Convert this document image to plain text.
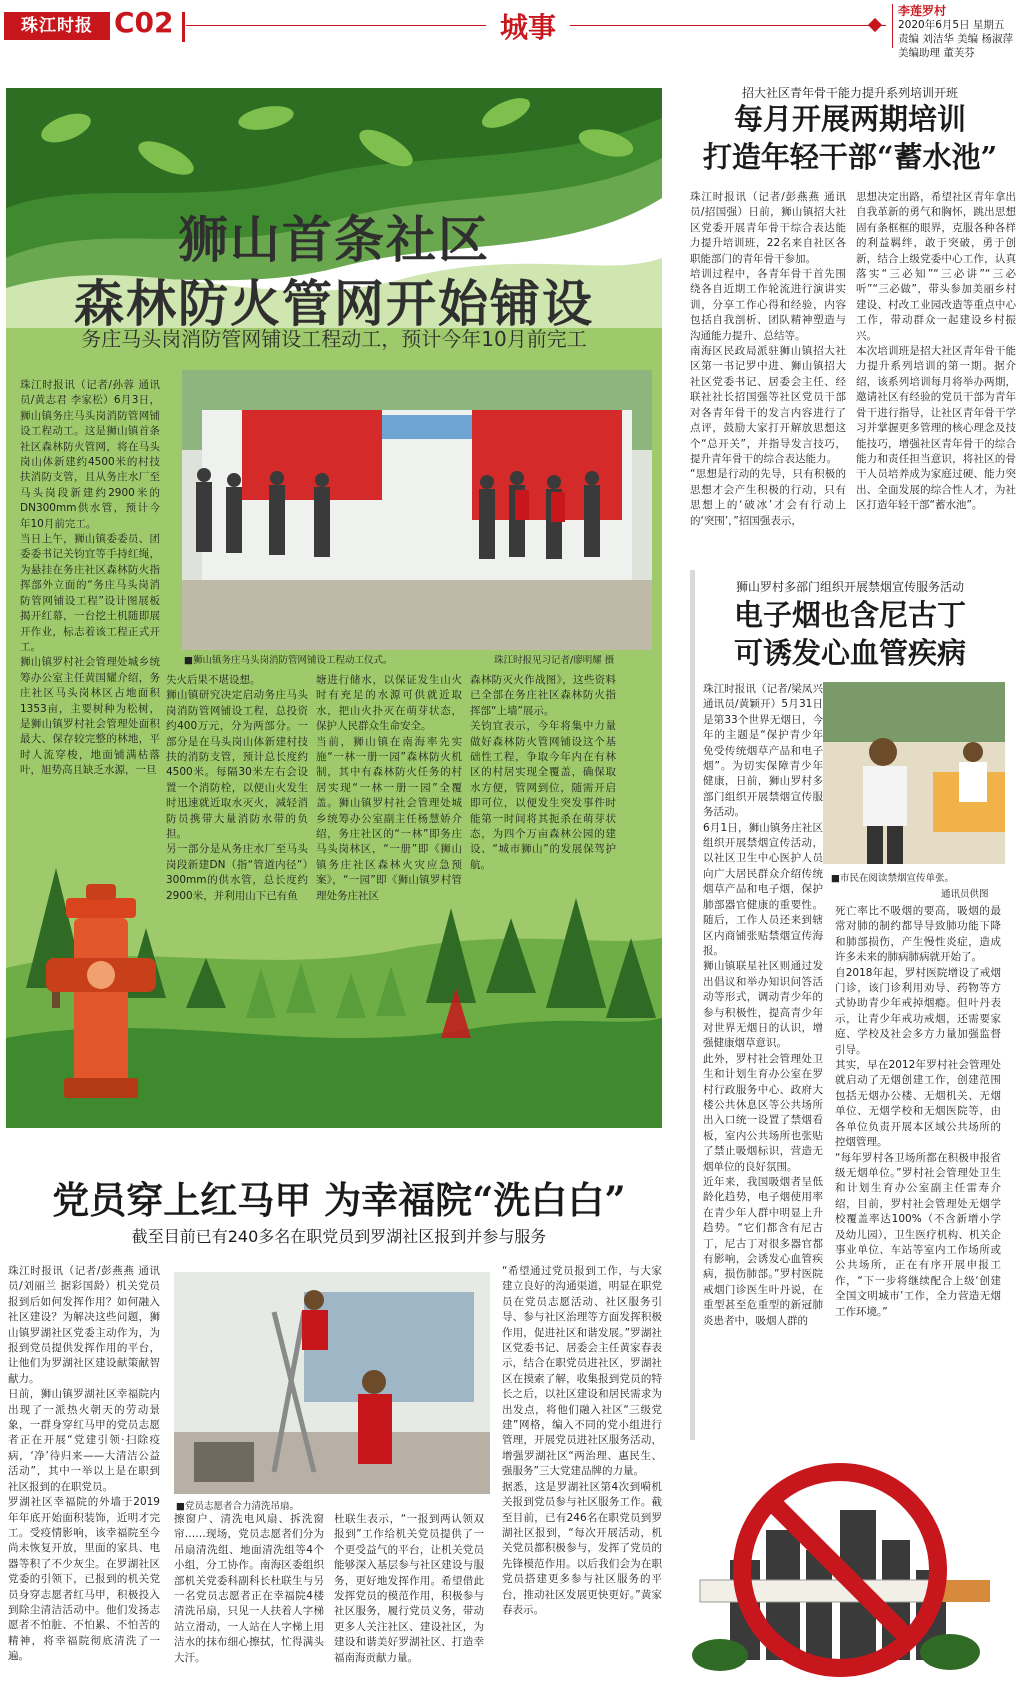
珠江时报 C02	城事	李莲罗村
2020年6月5日 星期五
责编 刘洁华 美编 杨淑萍
美编助理 董芙芬
狮山首条社区
森林防火管网开始铺设
务庄马头岗消防管网铺设工程动工，预计今年10月前完工
珠江时报讯（记者/孙蓉 通讯员/黄志君 李家松）6月3日，狮山镇务庄马头岗消防管网铺设工程动工。这是狮山镇首条社区森林防火管网，将在马头岗山体新建约4500米的村技扶消防支管，且从务庄水厂至马头岗段新建约2900米的DN300mm供水管，预计今年10月前完工。
当日上午，狮山镇委委员、团委委书记关钧宜等手持红绳，为悬挂在务庄社区森林防火指挥部外立面的“务庄马头岗消防管网铺设工程”设计图展板揭开红幕，一台挖土机随即展开作业，标志着该工程正式开工。
狮山镇罗村社会管理处城乡统筹办公室主任黄国耀介绍，务庄社区马头岗林区占地面积1353亩，主要树种为松树，是狮山镇罗村社会管理处面积最大、保存较完整的林地，平时人流穿梭，地面铺满枯落叶，旭势高且缺乏水源，一旦
■狮山镇务庄马头岗消防管网铺设工程动工仪式。	珠江时报见习记者/廖明耀 摄
失火后果不堪设想。
狮山镇研究决定启动务庄马头岗消防管网铺设工程，总投资约400万元，分为两部分。一部分是在马头岗山体新建村技扶的消防支管，预计总长度约4500米。每隔30米左右会设置一个消防栓，以便山火发生时迅速就近取水灭火，减轻消防员携带大量消防水带的负担。
另一部分是从务庄水厂至马头岗段新建DN（指“管道内径”）300mm的供水管，总长度约2900米，并利用山下已有鱼
塘进行储水，以保证发生山火时有充足的水源可供就近取水，把山火扑灭在萌芽状态，保护人民群众生命安全。
当前，狮山镇在南海率先实施“一林一册一园”森林防火机制，其中有森林防火任务的村居实现“一林一册一园”全覆盖。狮山镇罗村社会管理处城乡统筹办公室副主任杨慧娇介绍，务庄社区的“一林”即务庄马头岗林区，“一册”即《狮山镇务庄社区森林火灾应急预案》，“一园”即《狮山镇罗村管理处务庄社区
森林防灭火作战图》，这些资料已全部在务庄社区森林防火指挥部“上墙”展示。
关钧宜表示，今年将集中力量做好森林防火管网铺设这个基础性工程，争取今年内在有林区的村居实现全覆盖，确保取水方便，管网到位，随需开启即可位，以便发生突发事件时能第一时间将其扼杀在萌芽状态，为四个万亩森林公园的建设、“城市狮山”的发展保驾护航。
招大社区青年骨干能力提升系列培训开班
每月开展两期培训
打造年轻干部“蓄水池”
珠江时报讯（记者/彭燕燕 通讯员/招国强）日前，狮山镇招大社区党委开展青年骨干综合表达能力提升培训班，22名来自社区各职能部门的青年骨干参加。
培训过程中，各青年骨干首先围绕各自近期工作轮流进行演讲实训，分享工作心得和经验，内容包括自我剖析、团队精神塑造与沟通能力提升、总结等。
南海区民政局派驻狮山镇招大社区第一书记罗中进、狮山镇招大社区党委书记、居委会主任、经联社社长招国强等社区党员干部对各青年骨干的发言内容进行了点评，鼓励大家打开解放思想这个“总开关”，并指导发言技巧，提升青年骨干的综合表达能力。
“思想是行动的先导，只有积极的思想才会产生积极的行动，只有思想上的‘破冰’才会有行动上的‘突围’，”招国强表示，
思想决定出路，希望社区青年拿出自我革新的勇气和胸怀，跳出思想固有条框框的眼界，克服各种各样的利益羁绊，敢于突破，勇于创新，结合上级党委中心工作，认真落实“三必知”“三必讲”“三必听”“三必做”，带头参加美丽乡村建设、村改工业园改造等重点中心工作，带动群众一起建设乡村振兴。
本次培训班是招大社区青年骨干能力提升系列培训的第一期。据介绍，该系列培训每月将举办两期，邀请社区有经验的党员干部为青年骨干进行指导，让社区青年骨干学习并掌握更多管理的核心理念及技能技巧，增强社区青年骨干的综合能力和责任担当意识，将社区的骨干人员培养成为家庭过硬、能力突出、全面发展的综合性人才，为社区打造年轻干部“蓄水池”。
狮山罗村多部门组织开展禁烟宣传服务活动
电子烟也含尼古丁
可诱发心血管疾病
珠江时报讯（记者/梁凤兴 通讯员/黄颖开）5月31日是第33个世界无烟日，今年的主题是“保护青少年免受传统烟草产品和电子烟”。为切实保障青少年健康，日前，狮山罗村多部门组织开展禁烟宣传服务活动。
6月1日，狮山镇务庄社区组织开展禁烟宣传活动，以社区卫生中心医护人员向广大居民群众介绍传统烟草产品和电子烟，保护肺部器官健康的重要性。随后，工作人员还来到辖区内商铺张贴禁烟宣传海报。
狮山镇联星社区则通过发出倡议和举办知识问答活动等形式，调动青少年的参与积极性，提高青少年对世界无烟日的认识，增强健康烟草意识。
此外，罗村社会管理处卫生和计划生育办公室在罗村行政服务中心、政府大楼公共休息区等公共场所出入口统一设置了禁烟看板，室内公共场所也张贴了禁止吸烟标识，营造无烟单位的良好氛围。
近年来，我国吸烟者呈低龄化趋势，电子烟使用率在青少年人群中明显上升趋势。“它们都含有尼古丁，尼古丁对很多器官都有影响，会诱发心血管疾病，损伤肺部。”罗村医院戒烟门诊医生叶丹说，在重型甚至危重型的新冠肺炎患者中，吸烟人群的
■市民在阅读禁烟宣传单张。
通讯员供图
死亡率比不吸烟的要高，吸烟的最常对肺的制约都导导致肺功能下降和肺部损伤，产生慢性炎症，造成许多未来的肺病肺病就开始了。
自2018年起，罗村医院增设了戒烟门诊，该门诊利用劝导、药物等方式协助青少年戒掉烟瘾。但叶丹表示，让青少年戒功戒烟，还需要家庭、学校及社会多方力量加强监督引导。
其实，早在2012年罗村社会管理处就启动了无烟创建工作，创建范围包括无烟办公楼、无烟机关、无烟单位、无烟学校和无烟医院等，由各单位负责开展本区域公共场所的控烟管理。
“每年罗村各卫场所都在积极申报省级无烟单位。”罗村社会管理处卫生和计划生育办公室副主任雷寿介绍，目前，罗村社会管理处无烟学校覆盖率达100%（不含新增小学及幼儿园），卫生医疗机构、机关企事业单位、车站等室内工作场所或公共场所，正在有序开展申报工作，“下一步将继续配合上级‘创建全国文明城市’工作，全力营造无烟工作环境。”
党员穿上红马甲 为幸福院“洗白白”
截至目前已有240多名在职党员到罗湖社区报到并参与服务
珠江时报讯（记者/彭燕燕 通讯员/刘丽兰 据彩国龄）机关党员报到后如何发挥作用？如何融入社区建设？为解决这些问题，狮山镇罗湖社区党委主动作为，为报到党员提供发挥作用的平台，让他们为罗湖社区建设献策献智献力。
日前，狮山镇罗湖社区幸福院内出现了一派热火朝天的劳动景象，一群身穿红马甲的党员志愿者正在开展“党建引领·扫除疫病，‘净’待归来——大清洁公益活动”，其中一举以上是在职到社区报到的在职党员。
罗湖社区幸福院的外墙于2019年年底开始面积装饰，近明才完工。受疫情影响，该幸福院至今尚未恢复开放，里面的家具、电器等积了不少灰尘。在罗湖社区党委的引领下，已报到的机关党员身穿志愿者红马甲，积极投入到除尘清洁活动中。他们发扬志愿者不怕脏、不怕累、不怕苦的精神，将幸福院彻底清洗了一遍。
■党员志愿者合力清洗吊扇。
擦窗户、清洗电风扇、拆洗窗帘……现场，党员志愿者们分为吊扇清洗组、地面清洗组等4个小组，分工协作。南海区委组织部机关党委科副科长杜联生与另一名党员志愿者正在幸福院4楼清洗吊扇，只见一人扶着人字梯站立滑动，一人站在人字梯上用洁水的抹布细心擦拭，忙得满头大汗。
杜联生表示，“一报到两认领双报到”工作给机关党员提供了一个更受益气的平台，让机关党员能够深入基层参与社区建设与服务，更好地发挥作用。希望借此发挥党员的模范作用，积极参与社区服务，履行党员义务，带动更多人关注社区、建设社区，为建设和谐美好罗湖社区、打造幸福南海贡献力量。
“希望通过党员报到工作，与大家建立良好的沟通渠道，明显在职党员在党员志愿活动、社区服务引导、参与社区治理等方面发挥积极作用，促进社区和谐发展。”罗湖社区党委书记、居委会主任黄家春表示，结合在职党员进社区，罗湖社区在摸索了解，收集报到党员的特长之后，以社区建设和居民需求为出发点，将他们融入社区“三级党建”网格，编入不同的党小组进行管理，开展党员进社区服务活动，增强罗湖社区“两治理、惠民生、强服务”三大党建品牌的力量。
据悉，这是罗湖社区第4次到嗬机关报到党员参与社区服务工作。截至目前，已有246名在职党员到罗湖社区报到，“每次开展活动，机关党员都积极参与，发挥了党员的先锋模范作用。以后我们会为在职党员搭建更多参与社区服务的平台，推动社区发展更快更好。”黄家春表示。
